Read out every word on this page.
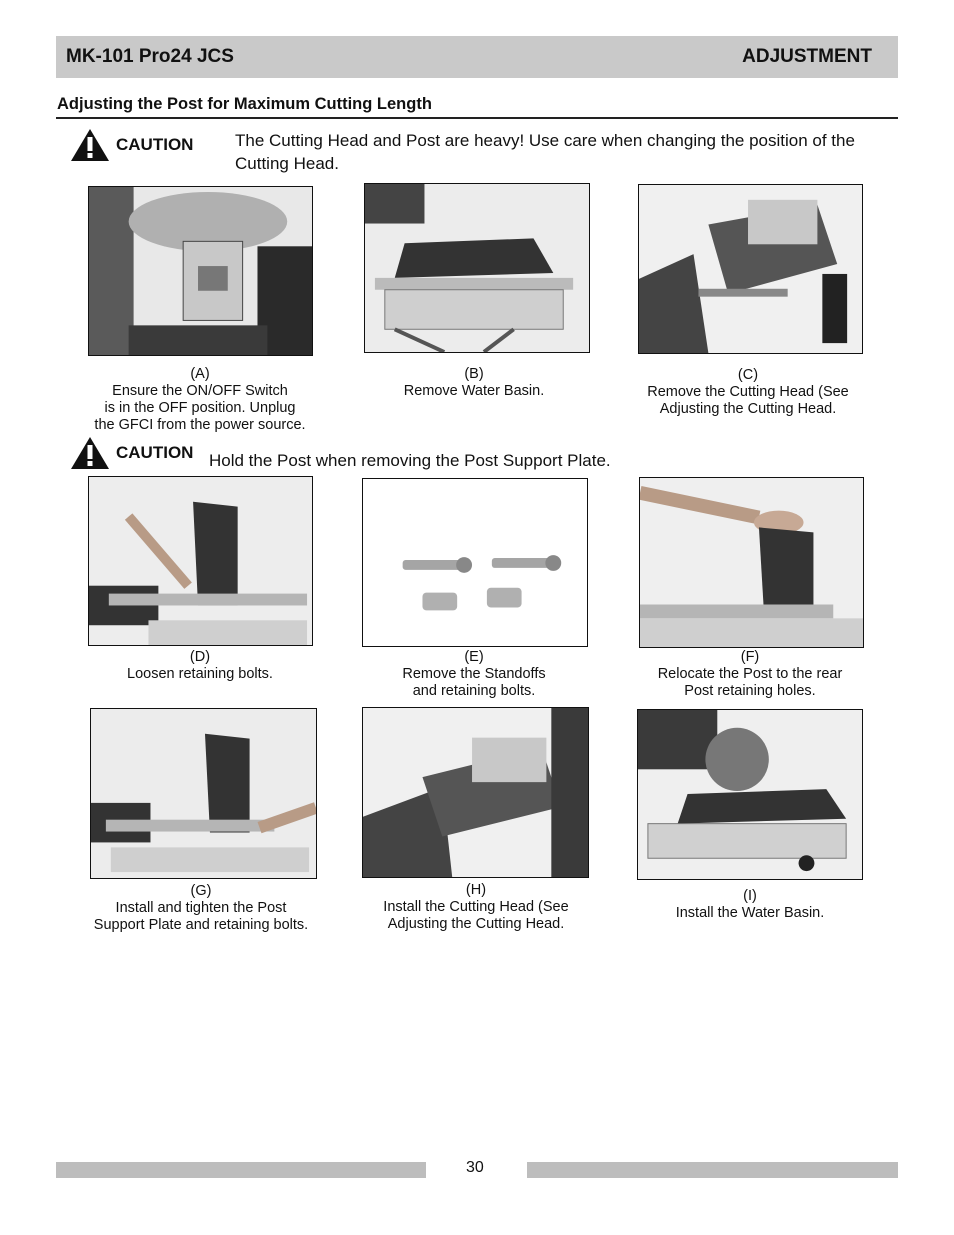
MK-101 Pro24 JCS	ADJUSTMENT
Adjusting the Post for Maximum Cutting Length
CAUTION The Cutting Head and Post are heavy! Use care when changing the position of the Cutting Head.
(A)
Ensure the ON/OFF Switch
is in the OFF position. Unplug
the GFCI from the power source.
(B)
Remove Water Basin.
(C)
Remove the Cutting Head (See
Adjusting the Cutting Head.
CAUTION Hold the Post when removing the Post Support Plate.
(D)
Loosen retaining bolts.
(E)
Remove the Standoffs
and retaining bolts.
(F)
Relocate the Post to the rear
Post retaining holes.
(G)
Install and tighten the Post
Support Plate and retaining bolts.
(H)
Install the Cutting Head (See
Adjusting the Cutting Head.
(I)
Install the Water Basin.
30
